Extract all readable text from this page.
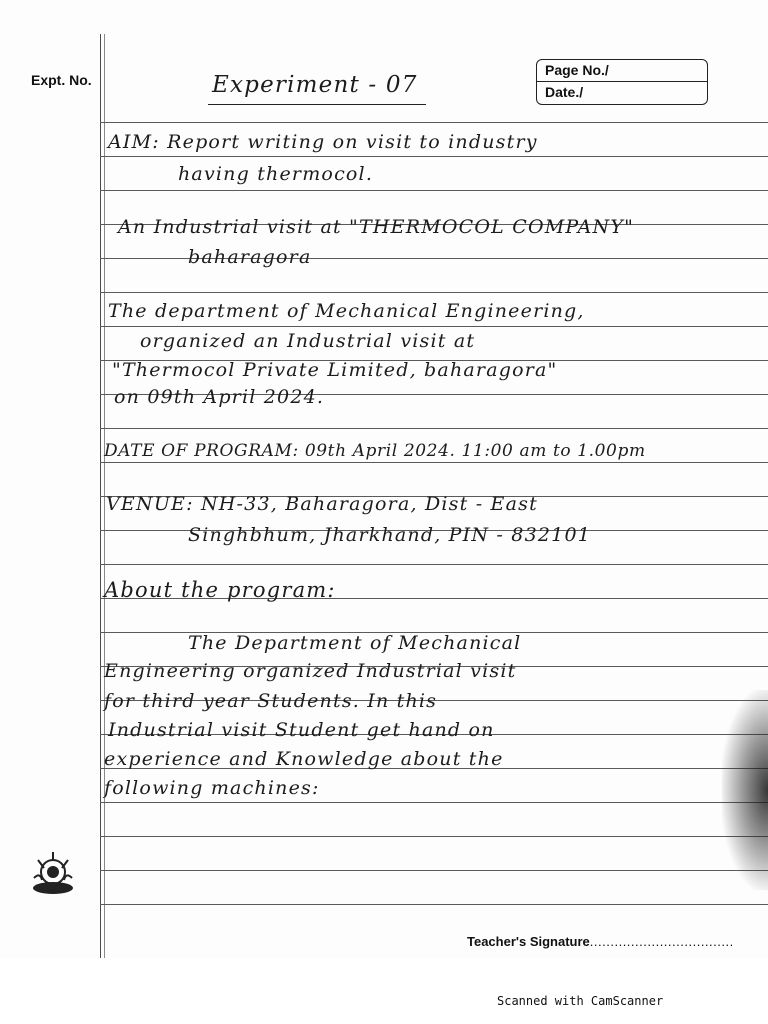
Expt. No.
Page No./
Date./
Experiment - 07
AIM: Report writing on visit to industry
having thermocol.
An Industrial visit at "THERMOCOL COMPANY"
baharagora
The department of Mechanical Engineering,
organized an Industrial visit at
"Thermocol Private Limited, baharagora"
on 09th April 2024.
DATE OF PROGRAM: 09th April 2024. 11:00 am to 1.00pm
VENUE: NH-33, Baharagora, Dist - East
Singhbhum, Jharkhand, PIN - 832101
About the program:
The Department of Mechanical
Engineering organized Industrial visit
for third year Students. In this
Industrial visit Student get hand on
experience and Knowledge about the
following machines:
Teacher's Signature...................................
Scanned with CamScanner
